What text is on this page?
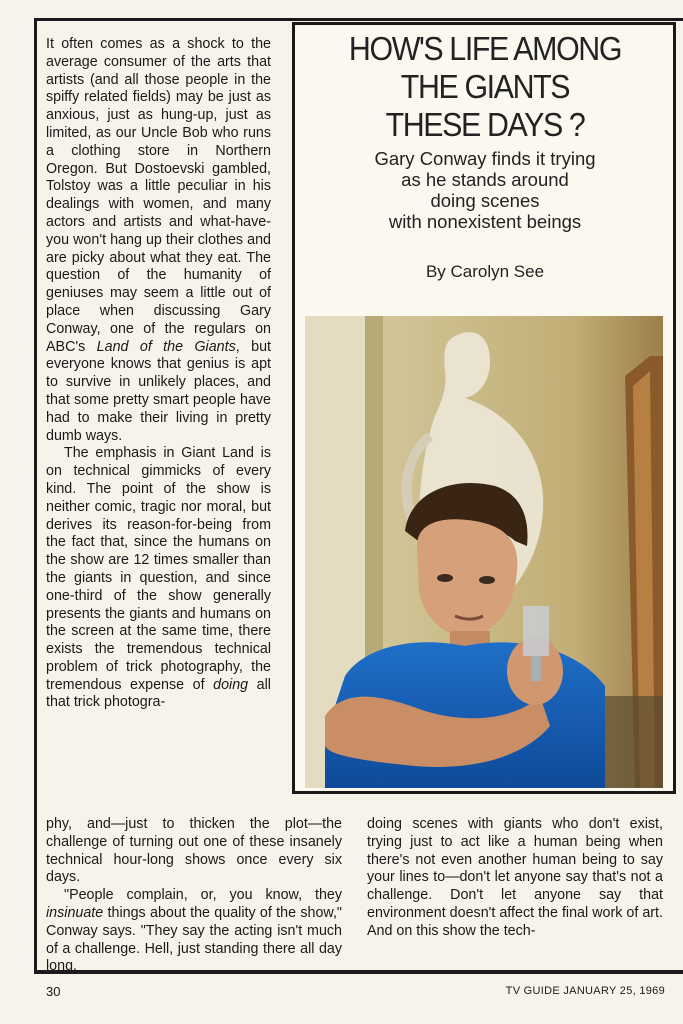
It often comes as a shock to the average consumer of the arts that artists (and all those people in the spiffy related fields) may be just as anxious, just as hung-up, just as limited, as our Uncle Bob who runs a clothing store in Northern Oregon. But Dostoevski gambled, Tolstoy was a little peculiar in his dealings with women, and many actors and artists and what-have-you won't hang up their clothes and are picky about what they eat. The question of the humanity of geniuses may seem a little out of place when discussing Gary Conway, one of the regulars on ABC's Land of the Giants, but everyone knows that genius is apt to survive in unlikely places, and that some pretty smart people have had to make their living in pretty dumb ways.

The emphasis in Giant Land is on technical gimmicks of every kind. The point of the show is neither comic, tragic nor moral, but derives its reason-for-being from the fact that, since the humans on the show are 12 times smaller than the giants in question, and since one-third of the show generally presents the giants and humans on the screen at the same time, there exists the tremendous technical problem of trick photography, the tremendous expense of doing all that trick photogra-

HOW'S LIFE AMONG
THE GIANTS
THESE DAYS ?
Gary Conway finds it trying
as he stands around
doing scenes
with nonexistent beings
By Carolyn See

phy, and—just to thicken the plot—the challenge of turning out one of these insanely technical hour-long shows once every six days.

"People complain, or, you know, they insinuate things about the quality of the show," Conway says. "They say the acting isn't much of a challenge. Hell, just standing there all day long,

doing scenes with giants who don't exist, trying just to act like a human being when there's not even another human being to say your lines to—don't let anyone say that's not a challenge. Don't let anyone say that environment doesn't affect the final work of art. And on this show the tech-

30	TV GUIDE JANUARY 25, 1969
